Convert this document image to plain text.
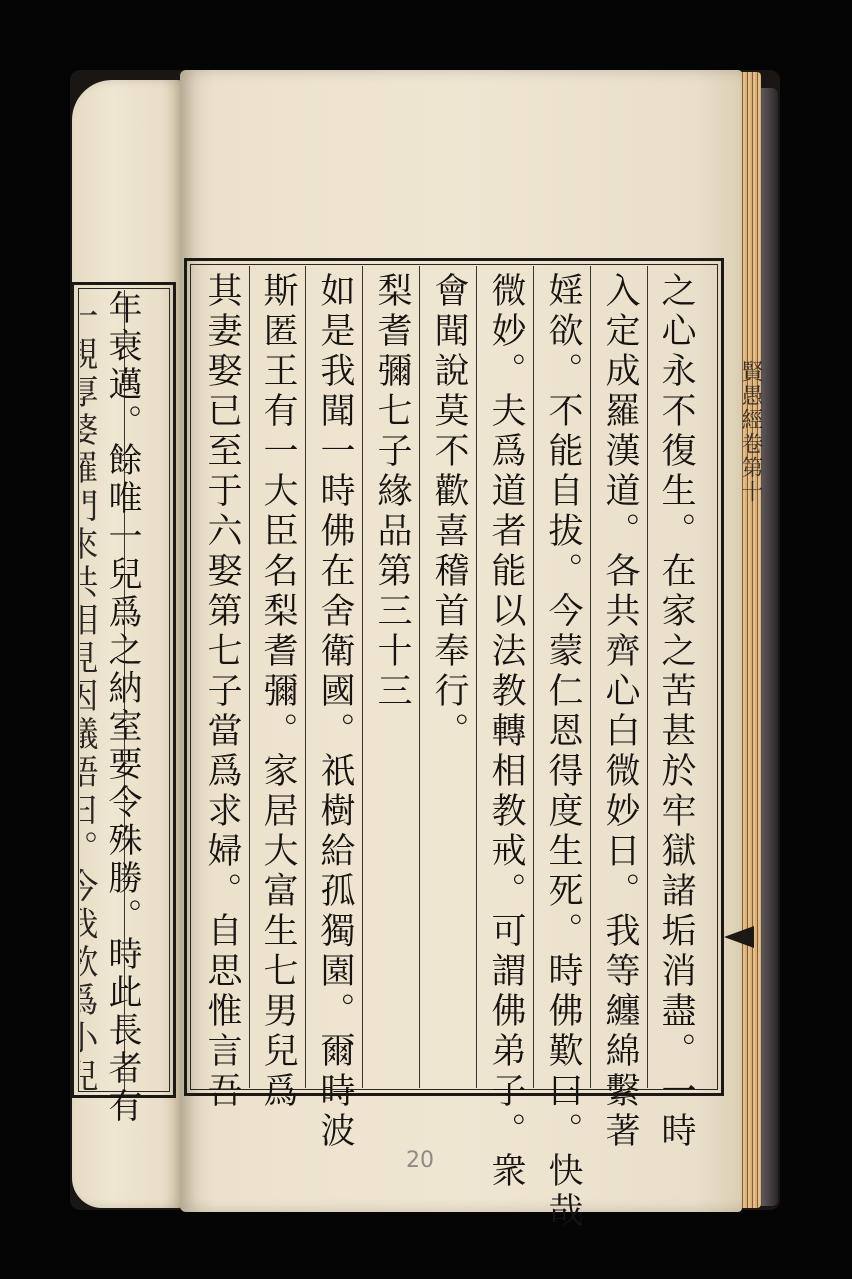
年衰邁。餘唯一兒爲之納室要令殊勝。時此長者有	之心永不復生。在家之苦甚於牢獄諸垢消盡。一時
入定成羅漢道。各共齊心白微妙日。我等纏綿繫著
婬欲。不能自拔。今蒙仁恩得度生死。時佛歎曰。快哉
微妙。夫爲道者能以法教轉相教戒。可謂佛弟子。衆
會聞說莫不歡喜稽首奉行。
梨耆彌七子緣品第三十三
如是我聞一時佛在舍衛國。祇樹給孤獨園。爾時波
斯匿王有一大臣名梨耆彌。家居大富生七男兒爲
其妻娶已至于六娶第七子當爲求婦。自思惟言吾	賢愚經卷第十
20
